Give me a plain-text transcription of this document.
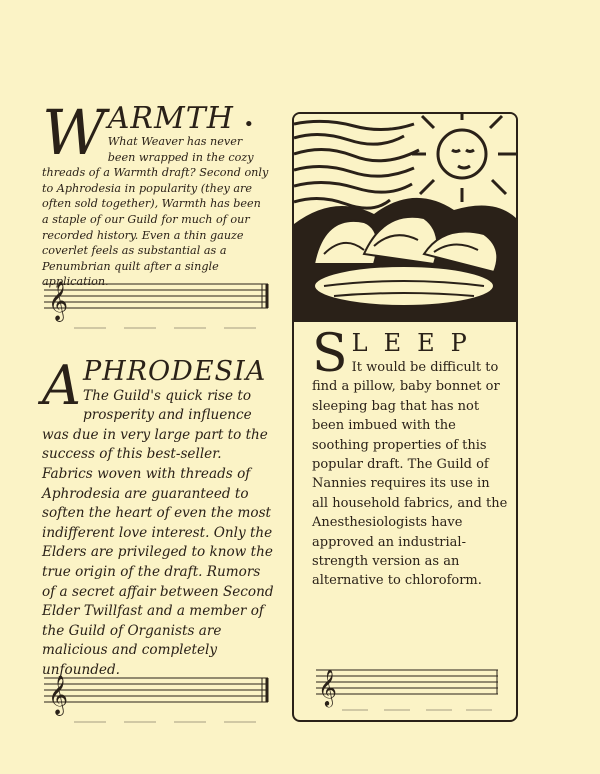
W ARMTH • What Weaver has never been wrapped in the cozy threads of a Warmth draft? Second only to Aphrodesia in popularity (they are often sold together), Warmth has been a staple of our Guild for much of our recorded history. Even a thin gauze coverlet feels as substantial as a Penumbrian quilt after a single application.
𝄞
A PHRODESIA
The Guild's quick rise to prosperity and influence was due in very large part to the success of this best-seller. Fabrics woven with threads of Aphrodesia are guaranteed to soften the heart of even the most indifferent love interest. Only the Elders are privileged to know the true origin of the draft. Rumors of a secret affair between Second Elder Twillfast and a member of the Guild of Organists are malicious and completely unfounded.
𝄞
S LEEP
It would be difficult to find a pillow, baby bonnet or sleeping bag that has not been imbued with the soothing properties of this popular draft. The Guild of Nannies requires its use in all household fabrics, and the Anesthesiologists have approved an industrial-strength version as an alternative to chloroform.
𝄞
